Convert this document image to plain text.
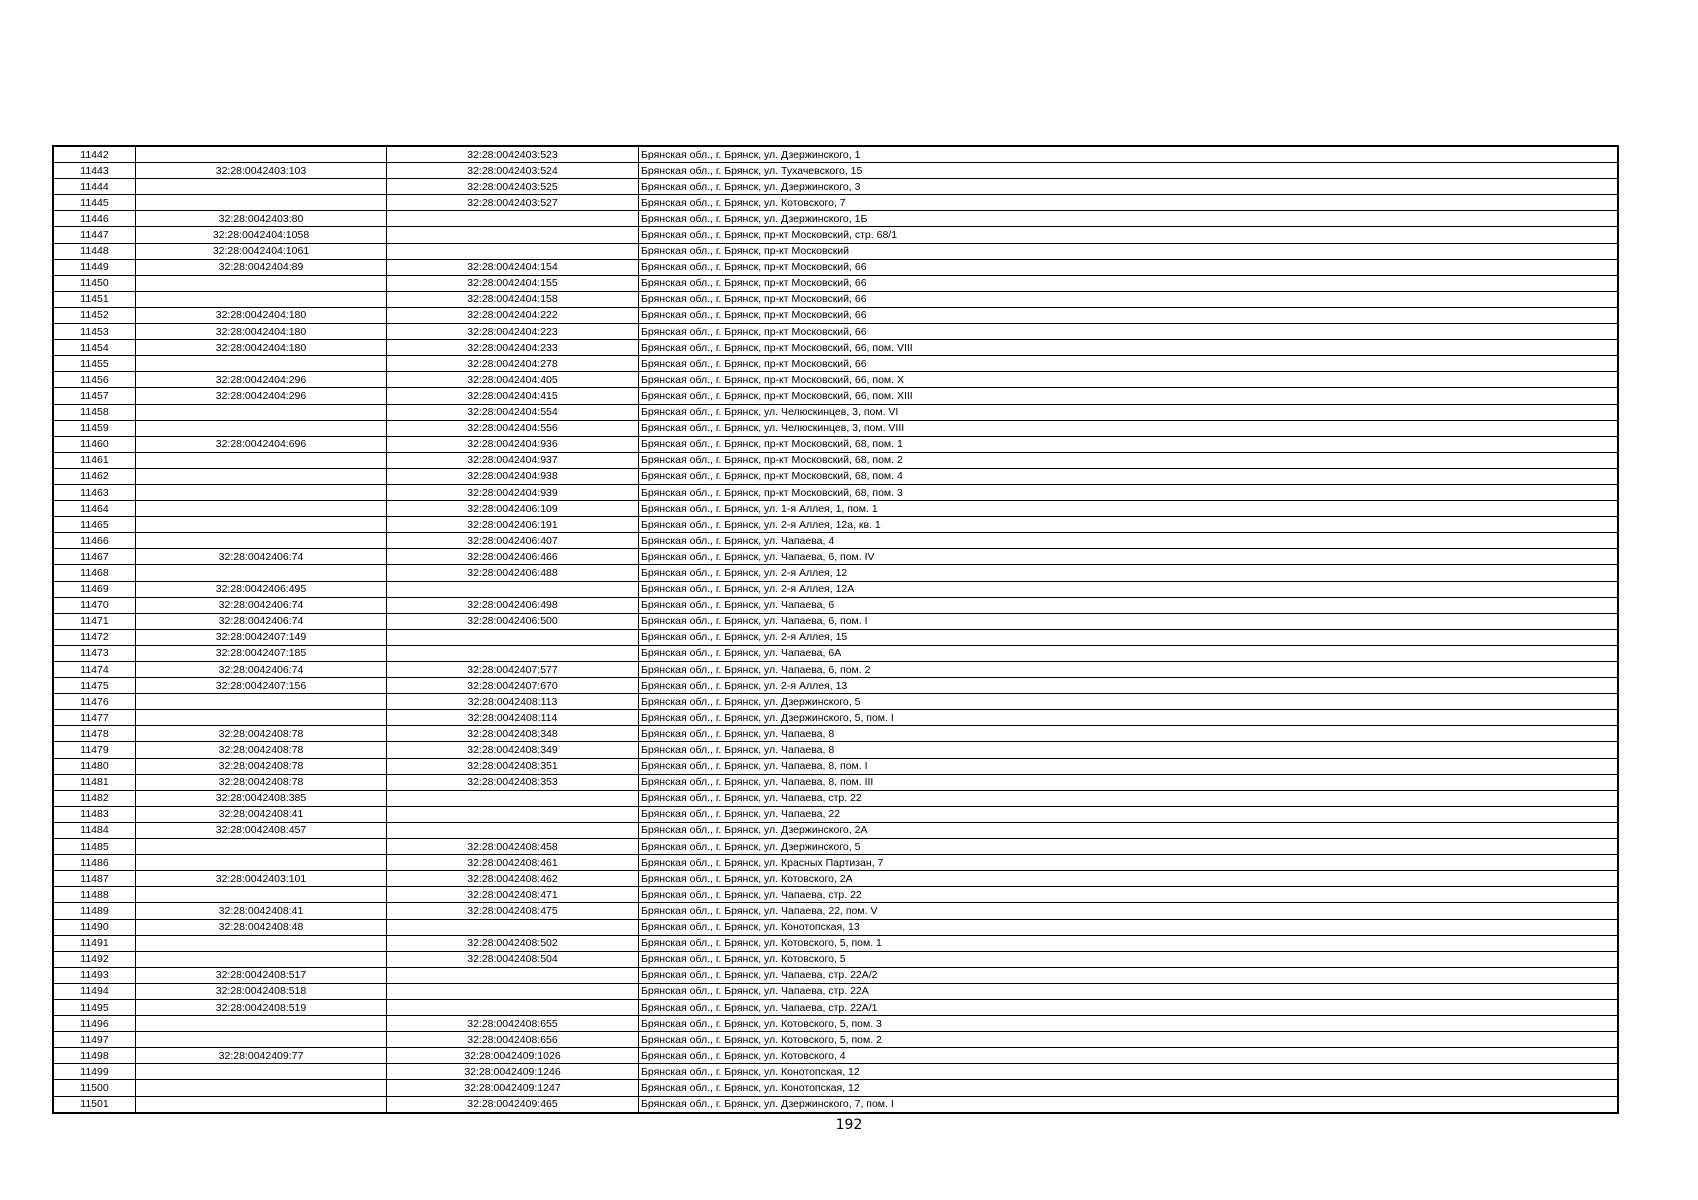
11442		32:28:0042403:523	Брянская обл., г. Брянск, ул. Дзержинского, 1
11443	32:28:0042403:103	32:28:0042403:524	Брянская обл., г. Брянск, ул. Тухачевского, 15
11444		32:28:0042403:525	Брянская обл., г. Брянск, ул. Дзержинского, 3
11445		32:28:0042403:527	Брянская обл., г. Брянск, ул. Котовского, 7
11446	32:28:0042403:80		Брянская обл., г. Брянск, ул. Дзержинского, 1Б
11447	32:28:0042404:1058		Брянская обл., г. Брянск, пр-кт Московский, стр. 68/1
11448	32:28:0042404:1061		Брянская обл., г. Брянск, пр-кт Московский
11449	32:28:0042404:89	32:28:0042404:154	Брянская обл., г. Брянск, пр-кт Московский, 66
11450		32:28:0042404:155	Брянская обл., г. Брянск, пр-кт Московский, 66
11451		32:28:0042404:158	Брянская обл., г. Брянск, пр-кт Московский, 66
11452	32:28:0042404:180	32:28:0042404:222	Брянская обл., г. Брянск, пр-кт Московский, 66
11453	32:28:0042404:180	32:28:0042404:223	Брянская обл., г. Брянск, пр-кт Московский, 66
11454	32:28:0042404:180	32:28:0042404:233	Брянская обл., г. Брянск, пр-кт Московский, 66, пом. VIII
11455		32:28:0042404:278	Брянская обл., г. Брянск, пр-кт Московский, 66
11456	32:28:0042404:296	32:28:0042404:405	Брянская обл., г. Брянск, пр-кт Московский, 66, пом. X
11457	32:28:0042404:296	32:28:0042404:415	Брянская обл., г. Брянск, пр-кт Московский, 66, пом. XIII
11458		32:28:0042404:554	Брянская обл., г. Брянск, ул. Челюскинцев, 3, пом. VI
11459		32:28:0042404:556	Брянская обл., г. Брянск, ул. Челюскинцев, 3, пом. VIII
11460	32:28:0042404:696	32:28:0042404:936	Брянская обл., г. Брянск, пр-кт Московский, 68, пом. 1
11461		32:28:0042404:937	Брянская обл., г. Брянск, пр-кт Московский, 68, пом. 2
11462		32:28:0042404:938	Брянская обл., г. Брянск, пр-кт Московский, 68, пом. 4
11463		32:28:0042404:939	Брянская обл., г. Брянск, пр-кт Московский, 68, пом. 3
11464		32:28:0042406:109	Брянская обл., г. Брянск, ул. 1-я Аллея, 1, пом. 1
11465		32:28:0042406:191	Брянская обл., г. Брянск, ул. 2-я Аллея, 12а, кв. 1
11466		32:28:0042406:407	Брянская обл., г. Брянск, ул. Чапаева, 4
11467	32:28:0042406:74	32:28:0042406:466	Брянская обл., г. Брянск, ул. Чапаева, 6, пом. IV
11468		32:28:0042406:488	Брянская обл., г. Брянск, ул. 2-я Аллея, 12
11469	32:28:0042406:495		Брянская обл., г. Брянск, ул. 2-я Аллея, 12А
11470	32:28:0042406:74	32:28:0042406:498	Брянская обл., г. Брянск, ул. Чапаева, 6
11471	32:28:0042406:74	32:28:0042406:500	Брянская обл., г. Брянск, ул. Чапаева, 6, пом. I
11472	32:28:0042407:149		Брянская обл., г. Брянск, ул. 2-я Аллея, 15
11473	32:28:0042407:185		Брянская обл., г. Брянск, ул. Чапаева, 6А
11474	32:28:0042406:74	32:28:0042407:577	Брянская обл., г. Брянск, ул. Чапаева, 6, пом. 2
11475	32:28:0042407:156	32:28:0042407:670	Брянская обл., г. Брянск, ул. 2-я Аллея, 13
11476		32:28:0042408:113	Брянская обл., г. Брянск, ул. Дзержинского, 5
11477		32:28:0042408:114	Брянская обл., г. Брянск, ул. Дзержинского, 5, пом. I
11478	32:28:0042408:78	32:28:0042408:348	Брянская обл., г. Брянск, ул. Чапаева, 8
11479	32:28:0042408:78	32:28:0042408:349	Брянская обл., г. Брянск, ул. Чапаева, 8
11480	32:28:0042408:78	32:28:0042408:351	Брянская обл., г. Брянск, ул. Чапаева, 8, пом. I
11481	32:28:0042408:78	32:28:0042408:353	Брянская обл., г. Брянск, ул. Чапаева, 8, пом. III
11482	32:28:0042408:385		Брянская обл., г. Брянск, ул. Чапаева, стр. 22
11483	32:28:0042408:41		Брянская обл., г. Брянск, ул. Чапаева, 22
11484	32:28:0042408:457		Брянская обл., г. Брянск, ул. Дзержинского, 2А
11485		32:28:0042408:458	Брянская обл., г. Брянск, ул. Дзержинского, 5
11486		32:28:0042408:461	Брянская обл., г. Брянск, ул. Красных Партизан, 7
11487	32:28:0042403:101	32:28:0042408:462	Брянская обл., г. Брянск, ул. Котовского, 2А
11488		32:28:0042408:471	Брянская обл., г. Брянск, ул. Чапаева, стр. 22
11489	32:28:0042408:41	32:28:0042408:475	Брянская обл., г. Брянск, ул. Чапаева, 22, пом. V
11490	32:28:0042408:48		Брянская обл., г. Брянск, ул. Конотопская, 13
11491		32:28:0042408:502	Брянская обл., г. Брянск, ул. Котовского, 5, пом. 1
11492		32:28:0042408:504	Брянская обл., г. Брянск, ул. Котовского, 5
11493	32:28:0042408:517		Брянская обл., г. Брянск, ул. Чапаева, стр. 22А/2
11494	32:28:0042408:518		Брянская обл., г. Брянск, ул. Чапаева, стр. 22А
11495	32:28:0042408:519		Брянская обл., г. Брянск, ул. Чапаева, стр. 22А/1
11496		32:28:0042408:655	Брянская обл., г. Брянск, ул. Котовского, 5, пом. 3
11497		32:28:0042408:656	Брянская обл., г. Брянск, ул. Котовского, 5, пом. 2
11498	32:28:0042409:77	32:28:0042409:1026	Брянская обл., г. Брянск, ул. Котовского, 4
11499		32:28:0042409:1246	Брянская обл., г. Брянск, ул. Конотопская, 12
11500		32:28:0042409:1247	Брянская обл., г. Брянск, ул. Конотопская, 12
11501		32:28:0042409:465	Брянская обл., г. Брянск, ул. Дзержинского, 7, пом. I
192
